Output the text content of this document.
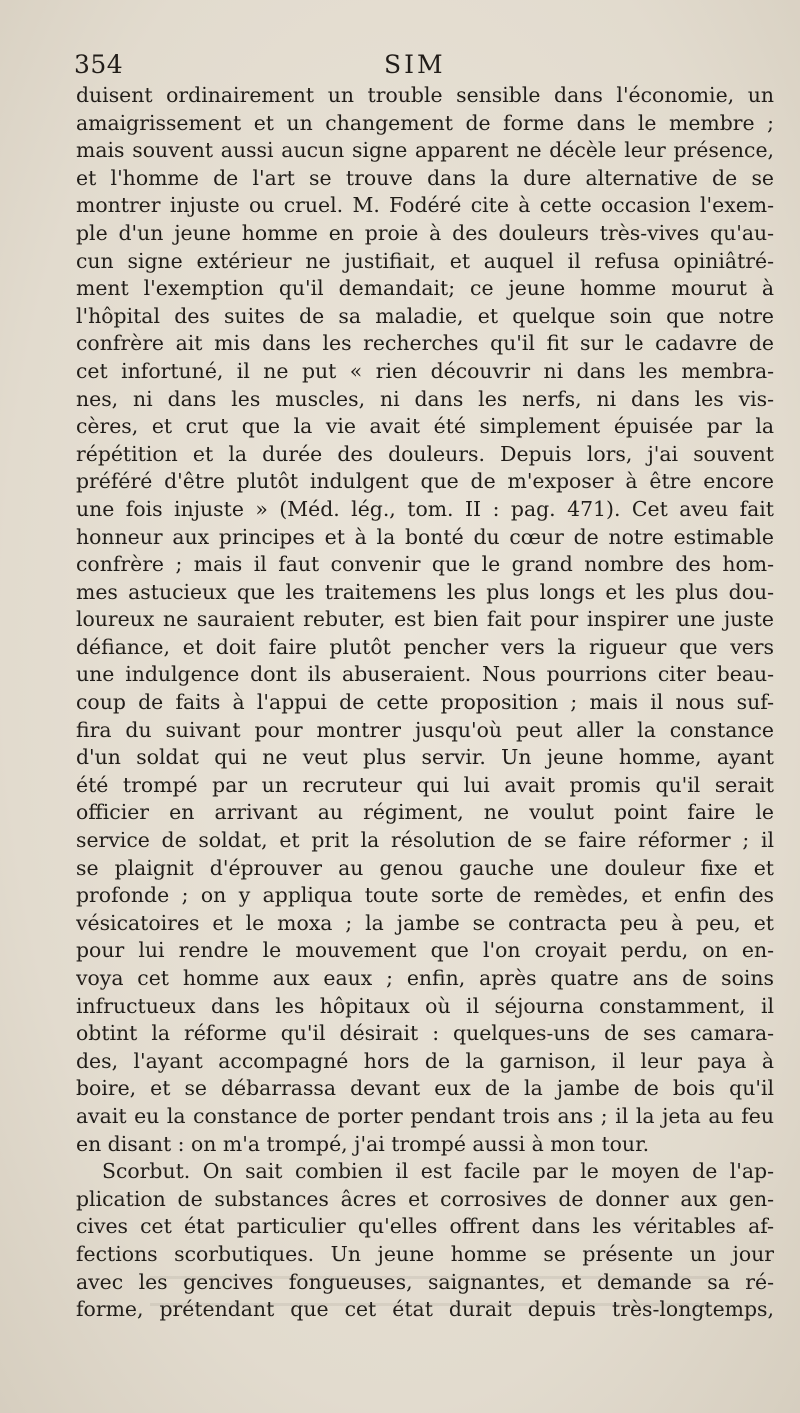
354	SIM
duisent ordinairement un trouble sensible dans l'économie, un
amaigrissement et un changement de forme dans le membre ;
mais souvent aussi aucun signe apparent ne décèle leur présence,
et l'homme de l'art se trouve dans la dure alternative de se
montrer injuste ou cruel. M. Fodéré cite à cette occasion l'exem-
ple d'un jeune homme en proie à des douleurs très-vives qu'au-
cun signe extérieur ne justifiait, et auquel il refusa opiniâtré-
ment l'exemption qu'il demandait; ce jeune homme mourut à
l'hôpital des suites de sa maladie, et quelque soin que notre
confrère ait mis dans les recherches qu'il fit sur le cadavre de
cet infortuné, il ne put « rien découvrir ni dans les membra-
nes, ni dans les muscles, ni dans les nerfs, ni dans les vis-
cères, et crut que la vie avait été simplement épuisée par la
répétition et la durée des douleurs. Depuis lors, j'ai souvent
préféré d'être plutôt indulgent que de m'exposer à être encore
une fois injuste » (Méd. lég., tom. II : pag. 471). Cet aveu fait
honneur aux principes et à la bonté du cœur de notre estimable
confrère ; mais il faut convenir que le grand nombre des hom-
mes astucieux que les traitemens les plus longs et les plus dou-
loureux ne sauraient rebuter, est bien fait pour inspirer une juste
défiance, et doit faire plutôt pencher vers la rigueur que vers
une indulgence dont ils abuseraient. Nous pourrions citer beau-
coup de faits à l'appui de cette proposition ; mais il nous suf-
fira du suivant pour montrer jusqu'où peut aller la constance
d'un soldat qui ne veut plus servir. Un jeune homme, ayant
été trompé par un recruteur qui lui avait promis qu'il serait
officier en arrivant au régiment, ne voulut point faire le
service de soldat, et prit la résolution de se faire réformer ; il
se plaignit d'éprouver au genou gauche une douleur fixe et
profonde ; on y appliqua toute sorte de remèdes, et enfin des
vésicatoires et le moxa ; la jambe se contracta peu à peu, et
pour lui rendre le mouvement que l'on croyait perdu, on en-
voya cet homme aux eaux ; enfin, après quatre ans de soins
infructueux dans les hôpitaux où il séjourna constamment, il
obtint la réforme qu'il désirait : quelques-uns de ses camara-
des, l'ayant accompagné hors de la garnison, il leur paya à
boire, et se débarrassa devant eux de la jambe de bois qu'il
avait eu la constance de porter pendant trois ans ; il la jeta au feu
en disant : on m'a trompé, j'ai trompé aussi à mon tour.
Scorbut. On sait combien il est facile par le moyen de l'ap-
plication de substances âcres et corrosives de donner aux gen-
cives cet état particulier qu'elles offrent dans les véritables af-
fections scorbutiques. Un jeune homme se présente un jour
avec les gencives fongueuses, saignantes, et demande sa ré-
forme, prétendant que cet état durait depuis très-longtemps,
